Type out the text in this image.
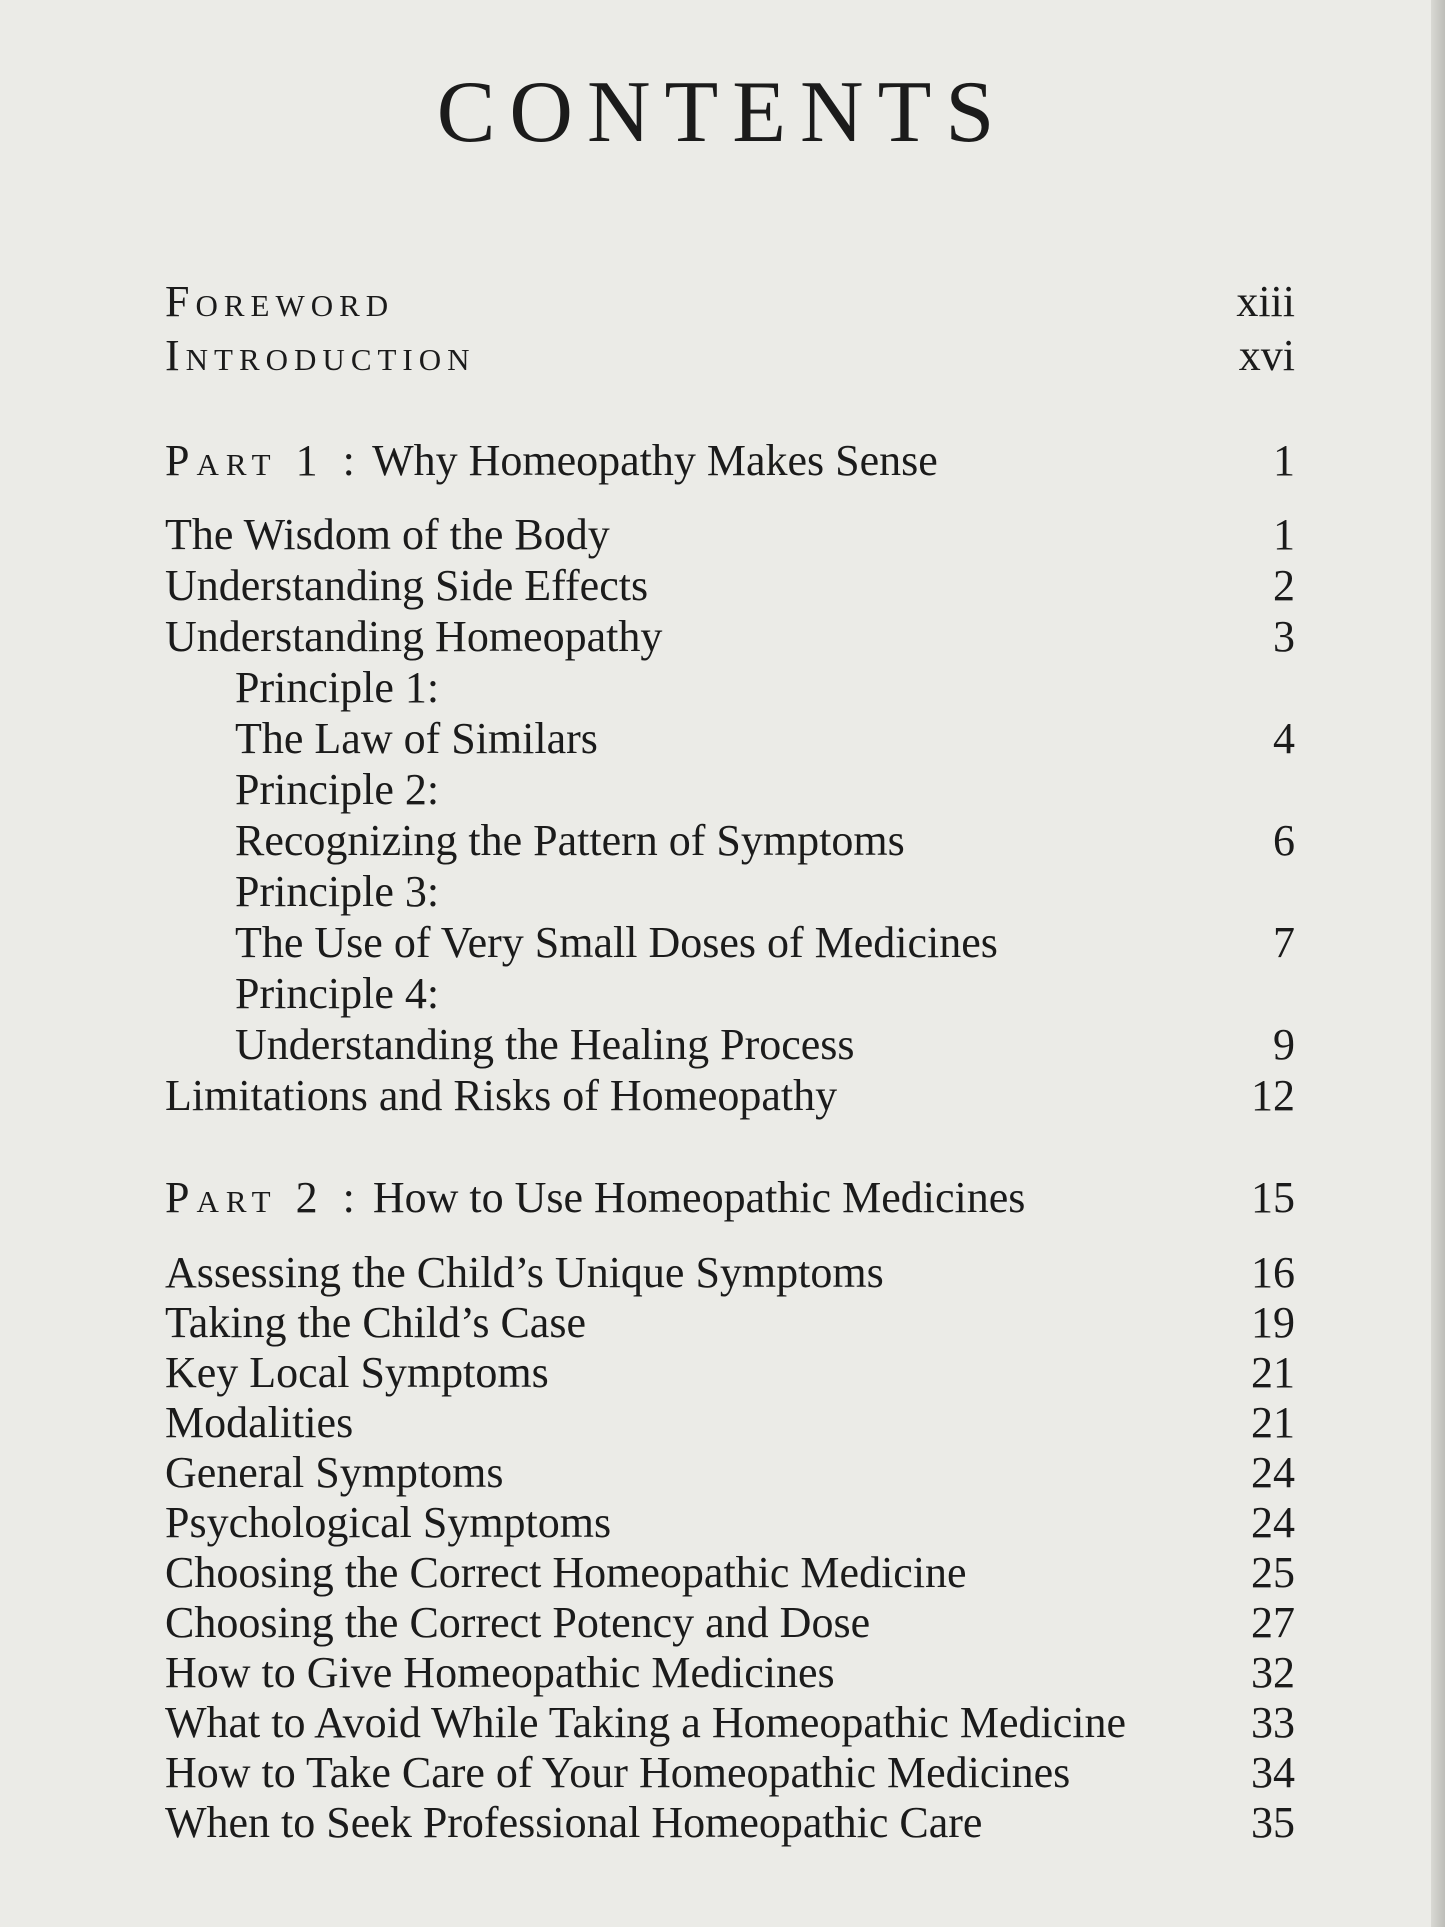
CONTENTS
Foreword	xiii
Introduction	xvi
Part 1 : Why Homeopathy Makes Sense	1
The Wisdom of the Body	1
Understanding Side Effects	2
Understanding Homeopathy	3
Principle 1:
The Law of Similars	4
Principle 2:
Recognizing the Pattern of Symptoms	6
Principle 3:
The Use of Very Small Doses of Medicines	7
Principle 4:
Understanding the Healing Process	9
Limitations and Risks of Homeopathy	12
Part 2 : How to Use Homeopathic Medicines	15
Assessing the Child’s Unique Symptoms	16
Taking the Child’s Case	19
Key Local Symptoms	21
Modalities	21
General Symptoms	24
Psychological Symptoms	24
Choosing the Correct Homeopathic Medicine	25
Choosing the Correct Potency and Dose	27
How to Give Homeopathic Medicines	32
What to Avoid While Taking a Homeopathic Medicine	33
How to Take Care of Your Homeopathic Medicines	34
When to Seek Professional Homeopathic Care	35
